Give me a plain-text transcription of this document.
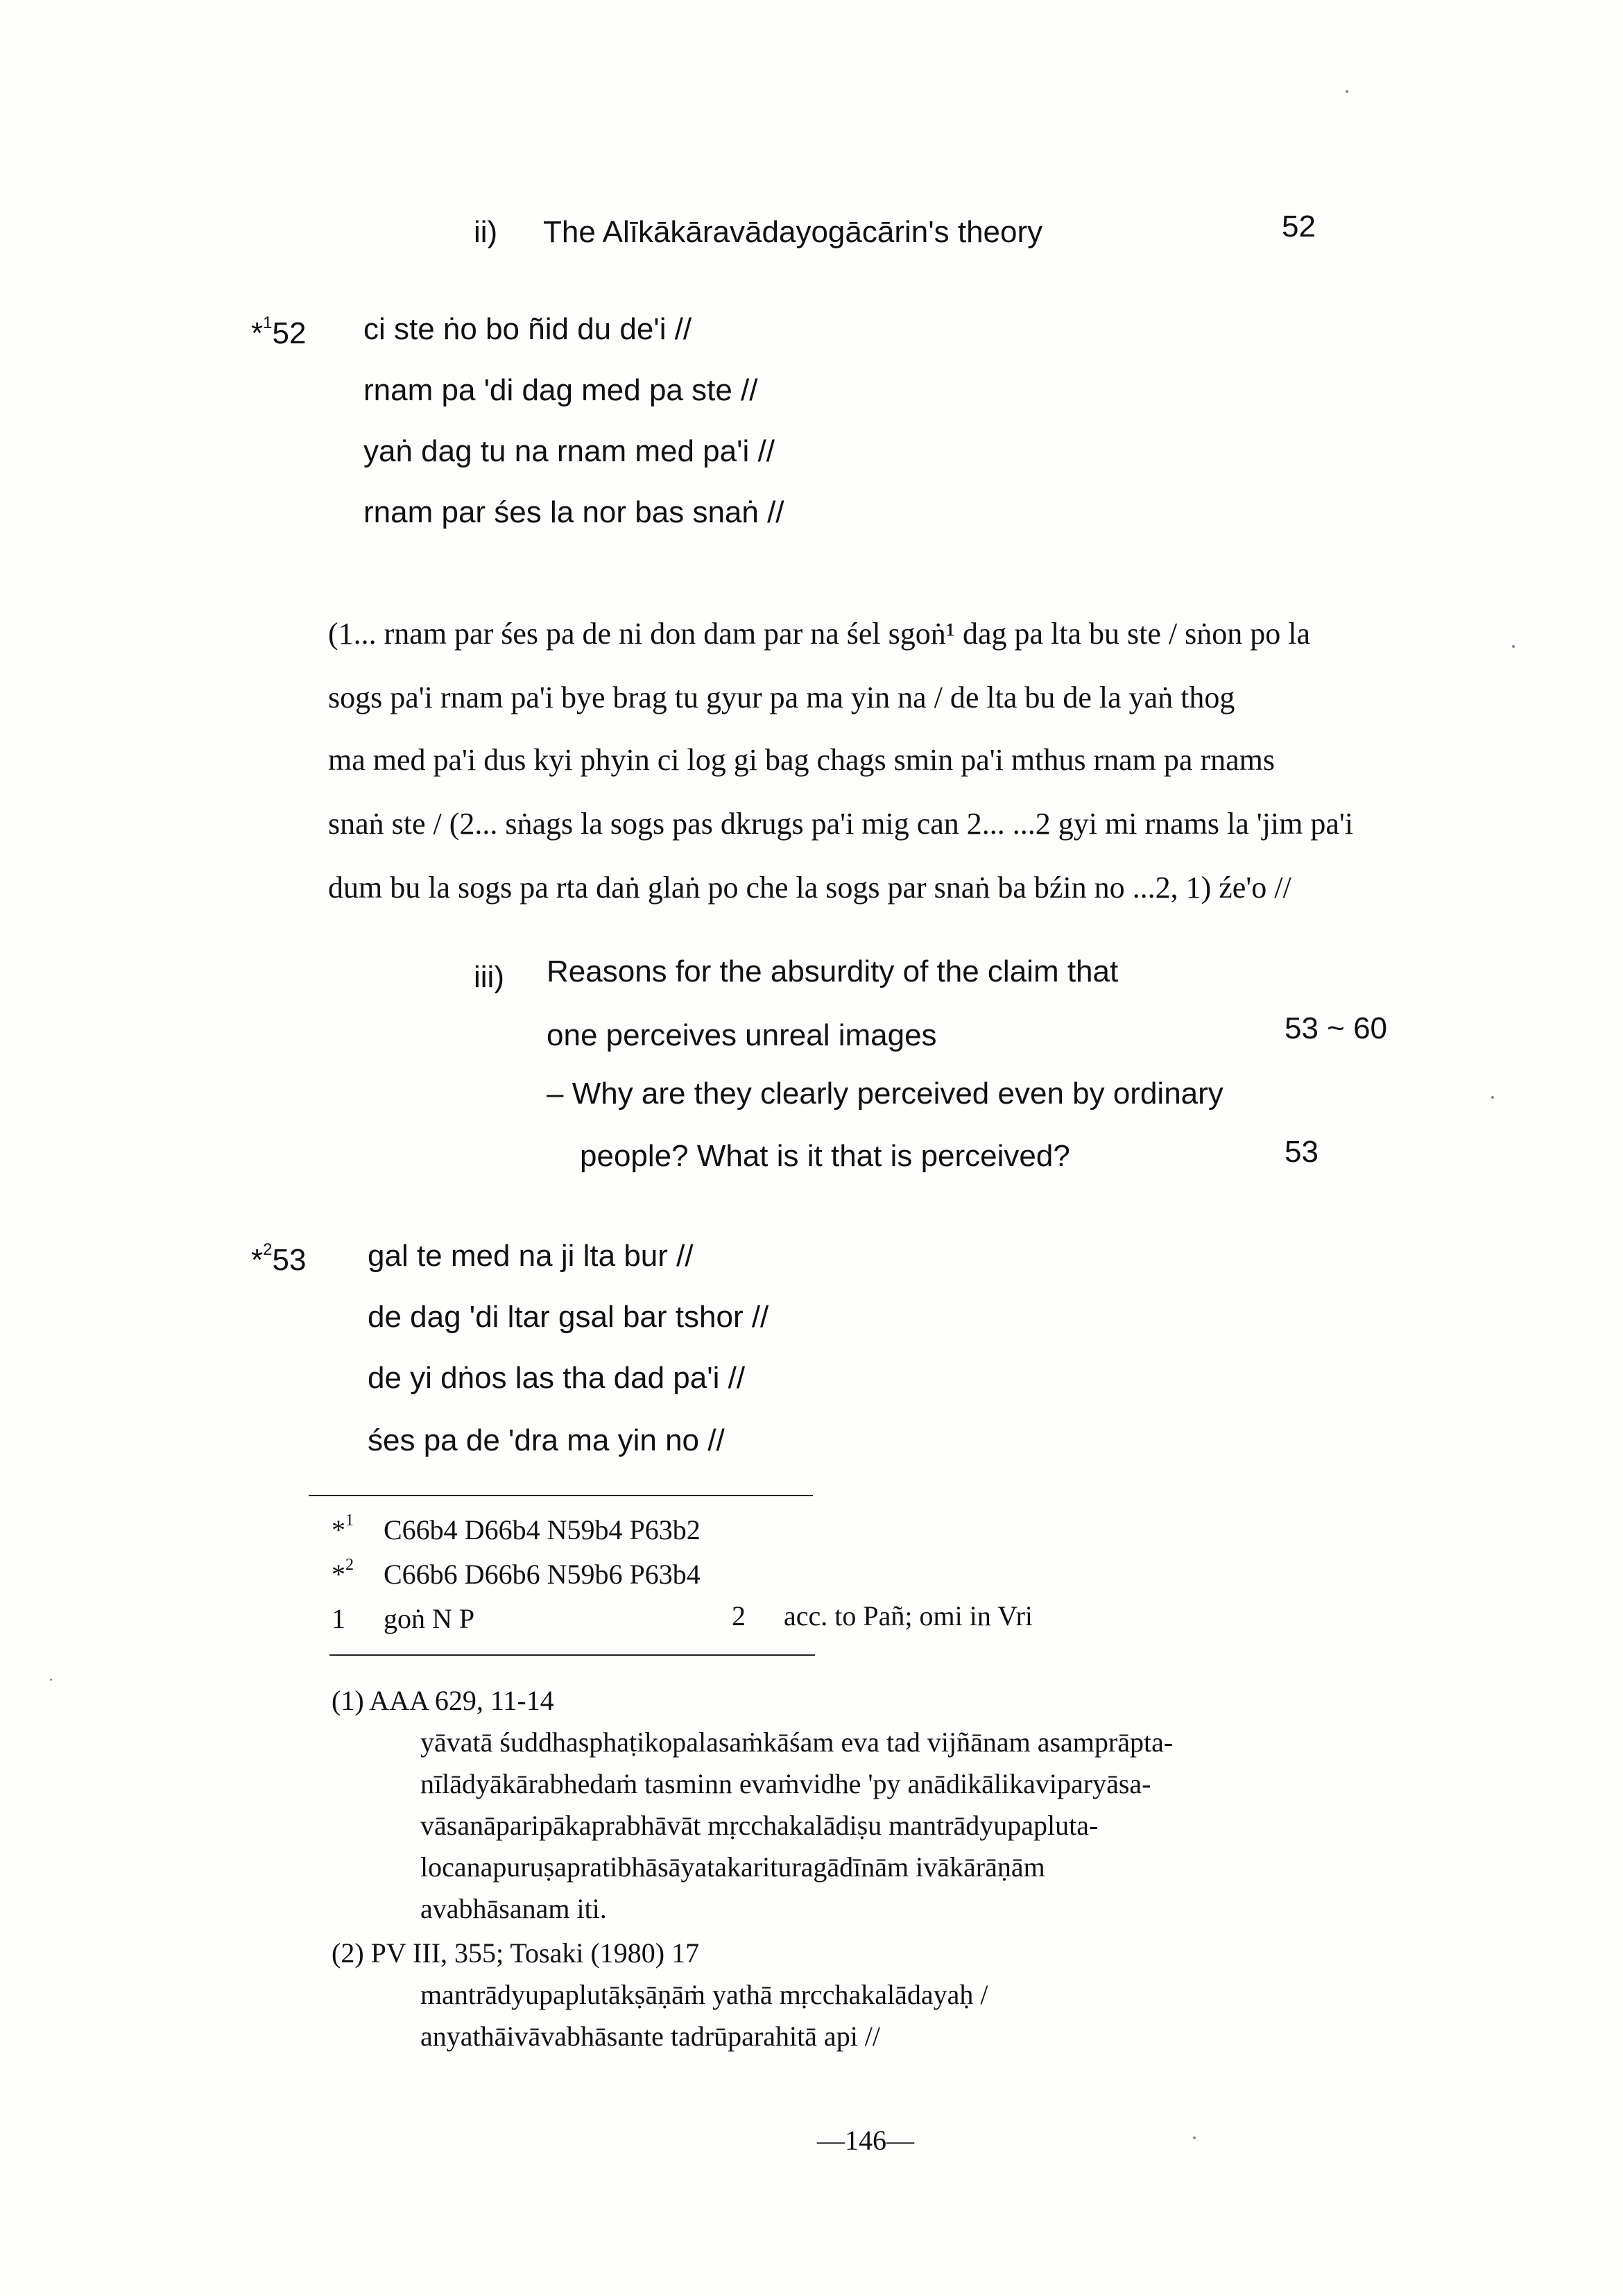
ii) The Alīkākāravādayogācārin's theory	52
*$^1$52 ci ste ṅo bo ñid du de'i //
rnam pa 'di dag med pa ste //
yaṅ dag tu na rnam med pa'i //
rnam par śes la nor bas snaṅ //
(1... rnam par śes pa de ni don dam par na śel sgoṅ¹ dag pa lta bu ste / sṅon po la
sogs pa'i rnam pa'i bye brag tu gyur pa ma yin na / de lta bu de la yaṅ thog
ma med pa'i dus kyi phyin ci log gi bag chags smin pa'i mthus rnam pa rnams
snaṅ ste / (2... sṅags la sogs pas dkrugs pa'i mig can 2... ...2 gyi mi rnams la 'jim pa'i
dum bu la sogs pa rta daṅ glaṅ po che la sogs par snaṅ ba bźin no ...2, 1) źe'o //
iii) Reasons for the absurdity of the claim that
one perceives unreal images	53 ~ 60
– Why are they clearly perceived even by ordinary
people? What is it that is perceived?	53
*$^2$53 gal te med na ji lta bur //
de dag 'di ltar gsal bar tshor //
de yi dṅos las tha dad pa'i //
śes pa de 'dra ma yin no //
*$^1$ C66b4 D66b4 N59b4 P63b2
*$^2$ C66b6 D66b6 N59b6 P63b4
1 goṅ N P	2 acc. to Pañ; omi in Vri
(1) AAA 629, 11-14
yāvatā śuddhasphaṭikopalasaṁkāśam eva tad vijñānam asamprāpta-
nīlādyākārabhedaṁ tasminn evaṁvidhe 'py anādikālikaviparyāsa-
vāsanāparipākaprabhāvāt mṛcchakalādiṣu mantrādyupapluta-
locanapuruṣapratibhāsāyatakarituragādīnām ivākārāṇām
avabhāsanam iti.
(2) PV III, 355; Tosaki (1980) 17
mantrādyupaplutākṣāṇāṁ yathā mṛcchakalādayaḥ /
anyathāivāvabhāsante tadrūparahitā api //
—146—
